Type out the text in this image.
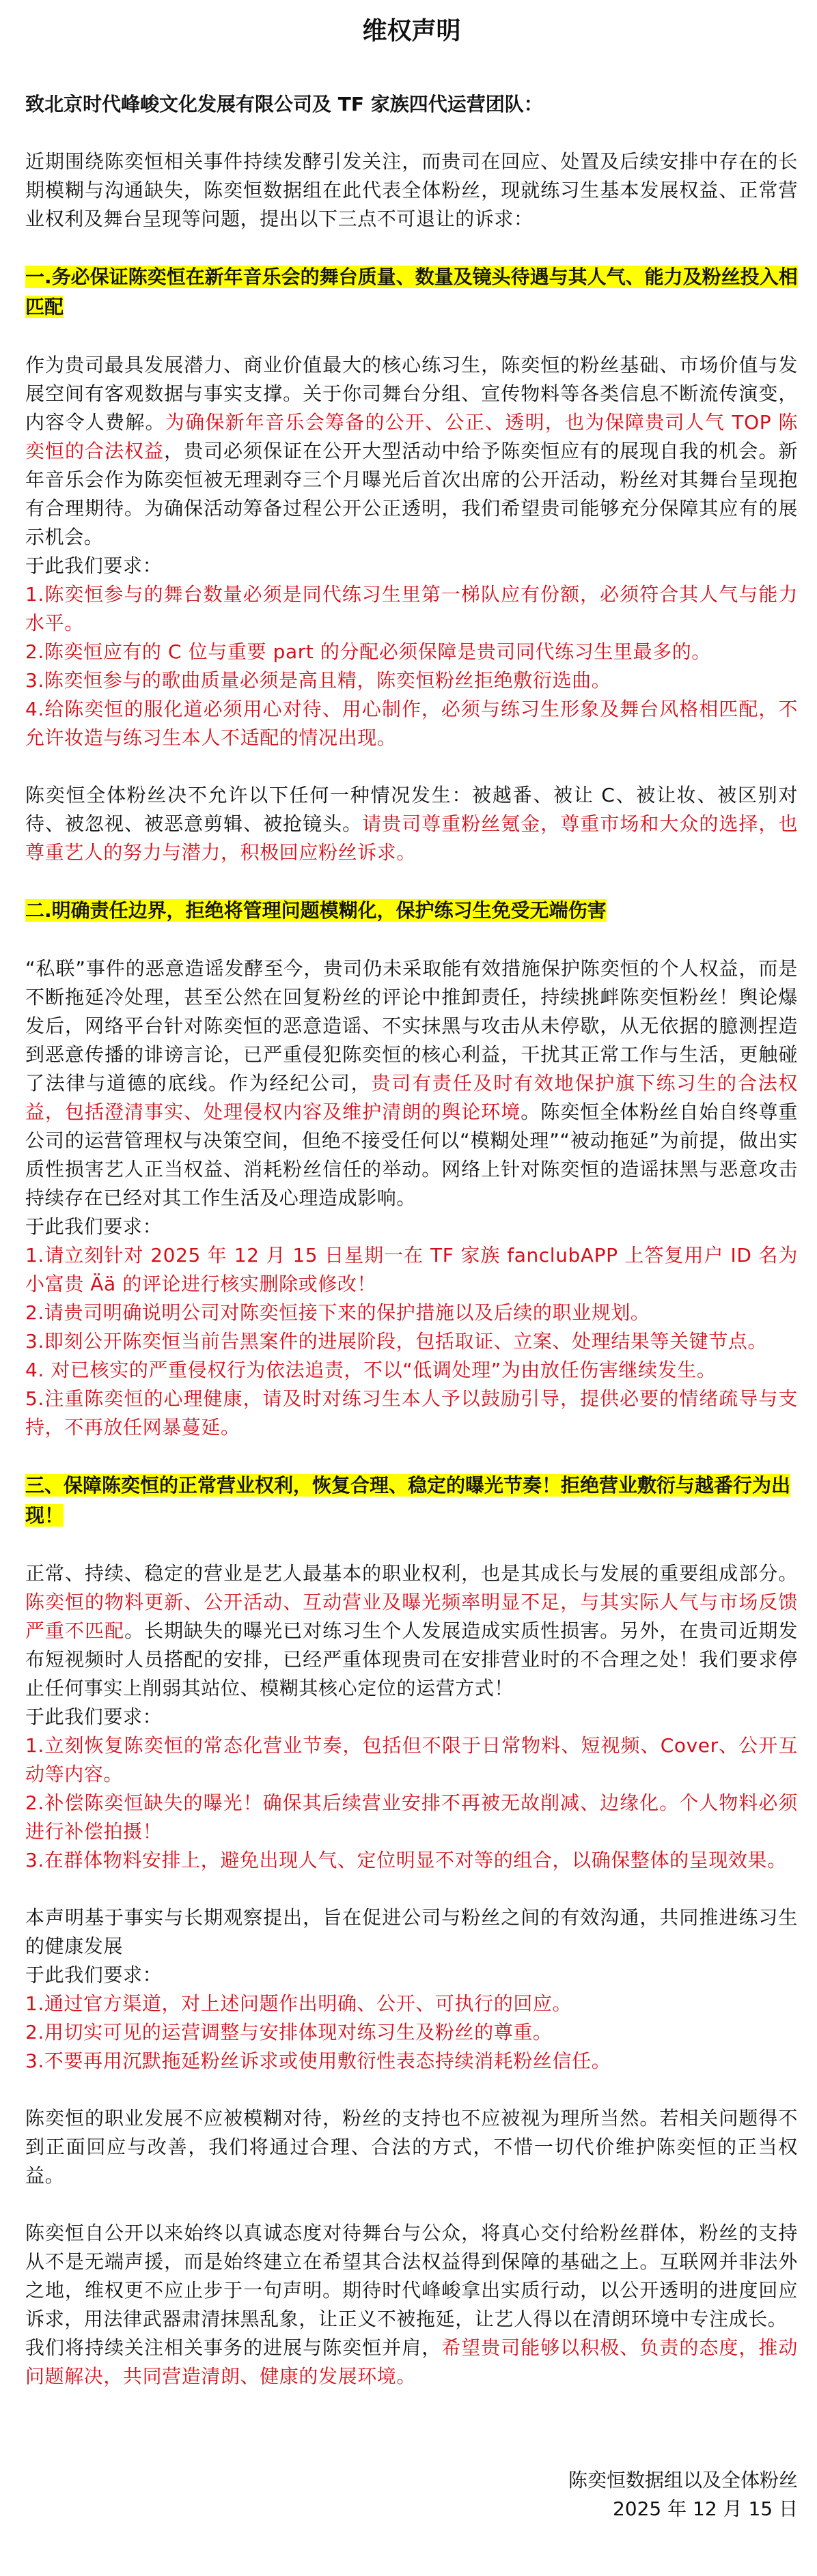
维权声明
致北京时代峰峻文化发展有限公司及 TF 家族四代运营团队：

近期围绕陈奕恒相关事件持续发酵引发关注，而贵司在回应、处置及后续安排中存在的长期模糊与沟通缺失，陈奕恒数据组在此代表全体粉丝，现就练习生基本发展权益、正常营业权利及舞台呈现等问题，提出以下三点不可退让的诉求：

一.务必保证陈奕恒在新年音乐会的舞台质量、数量及镜头待遇与其人气、能力及粉丝投入相匹配

作为贵司最具发展潜力、商业价值最大的核心练习生，陈奕恒的粉丝基础、市场价值与发展空间有客观数据与事实支撑。关于你司舞台分组、宣传物料等各类信息不断流传演变，内容令人费解。为确保新年音乐会筹备的公开、公正、透明，也为保障贵司人气 TOP 陈奕恒的合法权益，贵司必须保证在公开大型活动中给予陈奕恒应有的展现自我的机会。新年音乐会作为陈奕恒被无理剥夺三个月曝光后首次出席的公开活动，粉丝对其舞台呈现抱有合理期待。为确保活动筹备过程公开公正透明，我们希望贵司能够充分保障其应有的展示机会。

于此我们要求：

1.陈奕恒参与的舞台数量必须是同代练习生里第一梯队应有份额，必须符合其人气与能力水平。

2.陈奕恒应有的 C 位与重要 part 的分配必须保障是贵司同代练习生里最多的。

3.陈奕恒参与的歌曲质量必须是高且精，陈奕恒粉丝拒绝敷衍选曲。

4.给陈奕恒的服化道必须用心对待、用心制作，必须与练习生形象及舞台风格相匹配，不允许妆造与练习生本人不适配的情况出现。

陈奕恒全体粉丝决不允许以下任何一种情况发生：被越番、被让 C、被让妆、被区别对待、被忽视、被恶意剪辑、被抢镜头。请贵司尊重粉丝氪金，尊重市场和大众的选择，也尊重艺人的努力与潜力，积极回应粉丝诉求。

二.明确责任边界，拒绝将管理问题模糊化，保护练习生免受无端伤害

“私联”事件的恶意造谣发酵至今，贵司仍未采取能有效措施保护陈奕恒的个人权益，而是不断拖延冷处理，甚至公然在回复粉丝的评论中推卸责任，持续挑衅陈奕恒粉丝！舆论爆发后，网络平台针对陈奕恒的恶意造谣、不实抹黑与攻击从未停歇，从无依据的臆测捏造到恶意传播的诽谤言论，已严重侵犯陈奕恒的核心利益，干扰其正常工作与生活，更触碰了法律与道德的底线。作为经纪公司，贵司有责任及时有效地保护旗下练习生的合法权益，包括澄清事实、处理侵权内容及维护清朗的舆论环境。陈奕恒全体粉丝自始自终尊重公司的运营管理权与决策空间，但绝不接受任何以“模糊处理”“被动拖延”为前提，做出实质性损害艺人正当权益、消耗粉丝信任的举动。网络上针对陈奕恒的造谣抹黑与恶意攻击持续存在已经对其工作生活及心理造成影响。

于此我们要求：

1.请立刻针对 2025 年 12 月 15 日星期一在 TF 家族 fanclubAPP 上答复用户 ID 名为小富贵 Ää 的评论进行核实删除或修改！

2.请贵司明确说明公司对陈奕恒接下来的保护措施以及后续的职业规划。

3.即刻公开陈奕恒当前告黑案件的进展阶段，包括取证、立案、处理结果等关键节点。

4. 对已核实的严重侵权行为依法追责，不以“低调处理”为由放任伤害继续发生。

5.注重陈奕恒的心理健康，请及时对练习生本人予以鼓励引导，提供必要的情绪疏导与支持，不再放任网暴蔓延。

三、保障陈奕恒的正常营业权利，恢复合理、稳定的曝光节奏！拒绝营业敷衍与越番行为出现！

正常、持续、稳定的营业是艺人最基本的职业权利，也是其成长与发展的重要组成部分。陈奕恒的物料更新、公开活动、互动营业及曝光频率明显不足，与其实际人气与市场反馈严重不匹配。长期缺失的曝光已对练习生个人发展造成实质性损害。另外，在贵司近期发布短视频时人员搭配的安排，已经严重体现贵司在安排营业时的不合理之处！我们要求停止任何事实上削弱其站位、模糊其核心定位的运营方式！

于此我们要求：

1.立刻恢复陈奕恒的常态化营业节奏，包括但不限于日常物料、短视频、Cover、公开互动等内容。

2.补偿陈奕恒缺失的曝光！确保其后续营业安排不再被无故削减、边缘化。个人物料必须进行补偿拍摄！

3.在群体物料安排上，避免出现人气、定位明显不对等的组合，以确保整体的呈现效果。

本声明基于事实与长期观察提出，旨在促进公司与粉丝之间的有效沟通，共同推进练习生的健康发展

于此我们要求：

1.通过官方渠道，对上述问题作出明确、公开、可执行的回应。

2.用切实可见的运营调整与安排体现对练习生及粉丝的尊重。

3.不要再用沉默拖延粉丝诉求或使用敷衍性表态持续消耗粉丝信任。

陈奕恒的职业发展不应被模糊对待，粉丝的支持也不应被视为理所当然。若相关问题得不到正面回应与改善，我们将通过合理、合法的方式，不惜一切代价维护陈奕恒的正当权益。

陈奕恒自公开以来始终以真诚态度对待舞台与公众，将真心交付给粉丝群体，粉丝的支持从不是无端声援，而是始终建立在希望其合法权益得到保障的基础之上。互联网并非法外之地，维权更不应止步于一句声明。期待时代峰峻拿出实质行动，以公开透明的进度回应诉求，用法律武器肃清抹黑乱象，让正义不被拖延，让艺人得以在清朗环境中专注成长。

我们将持续关注相关事务的进展与陈奕恒并肩，希望贵司能够以积极、负责的态度，推动问题解决，共同营造清朗、健康的发展环境。

陈奕恒数据组以及全体粉丝

2025 年 12 月 15 日
